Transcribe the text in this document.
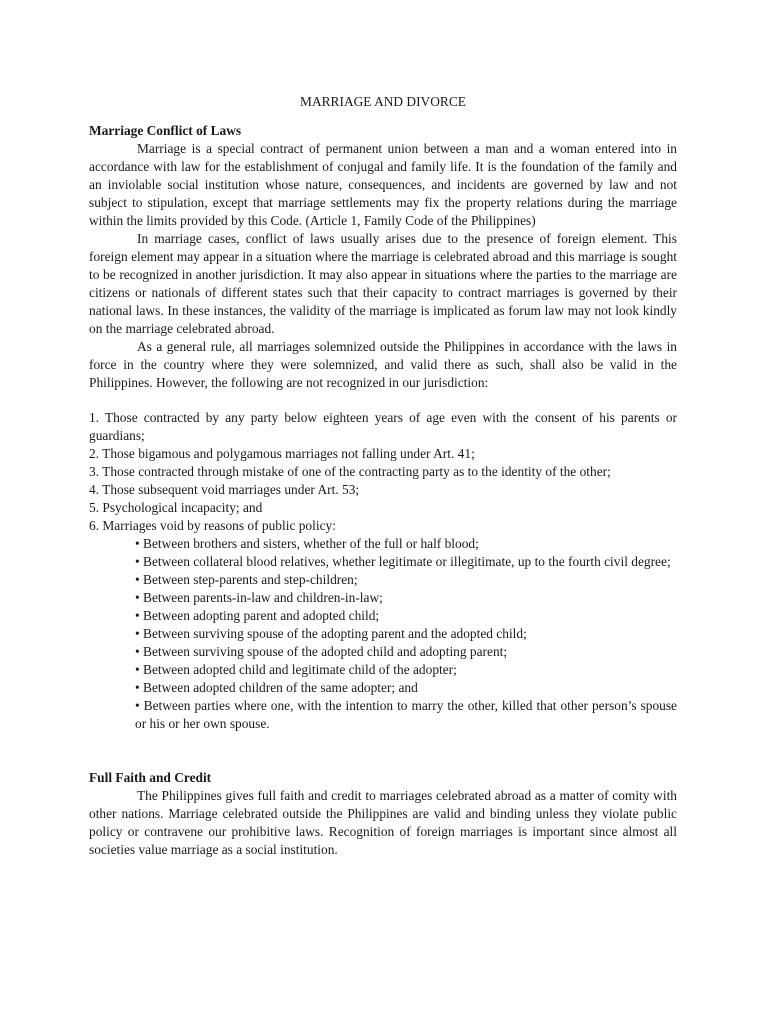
MARRIAGE AND DIVORCE
Marriage Conflict of Laws

Marriage is a special contract of permanent union between a man and a woman entered into in accordance with law for the establishment of conjugal and family life. It is the foundation of the family and an inviolable social institution whose nature, consequences, and incidents are governed by law and not subject to stipulation, except that marriage settlements may fix the property relations during the marriage within the limits provided by this Code. (Article 1, Family Code of the Philippines)

In marriage cases, conflict of laws usually arises due to the presence of foreign element. This foreign element may appear in a situation where the marriage is celebrated abroad and this marriage is sought to be recognized in another jurisdiction. It may also appear in situations where the parties to the marriage are citizens or nationals of different states such that their capacity to contract marriages is governed by their national laws. In these instances, the validity of the marriage is implicated as forum law may not look kindly on the marriage celebrated abroad.

As a general rule, all marriages solemnized outside the Philippines in accordance with the laws in force in the country where they were solemnized, and valid there as such, shall also be valid in the Philippines. However, the following are not recognized in our jurisdiction:

1. Those contracted by any party below eighteen years of age even with the consent of his parents or guardians;
2. Those bigamous and polygamous marriages not falling under Art. 41;
3. Those contracted through mistake of one of the contracting party as to the identity of the other;
4. Those subsequent void marriages under Art. 53;
5. Psychological incapacity; and
6. Marriages void by reasons of public policy:
• Between brothers and sisters, whether of the full or half blood;
• Between collateral blood relatives, whether legitimate or illegitimate, up to the fourth civil degree;
• Between step-parents and step-children;
• Between parents-in-law and children-in-law;
• Between adopting parent and adopted child;
• Between surviving spouse of the adopting parent and the adopted child;
• Between surviving spouse of the adopted child and adopting parent;
• Between adopted child and legitimate child of the adopter;
• Between adopted children of the same adopter; and
• Between parties where one, with the intention to marry the other, killed that other person’s spouse or his or her own spouse.
Full Faith and Credit

The Philippines gives full faith and credit to marriages celebrated abroad as a matter of comity with other nations. Marriage celebrated outside the Philippines are valid and binding unless they violate public policy or contravene our prohibitive laws. Recognition of foreign marriages is important since almost all societies value marriage as a social institution.
